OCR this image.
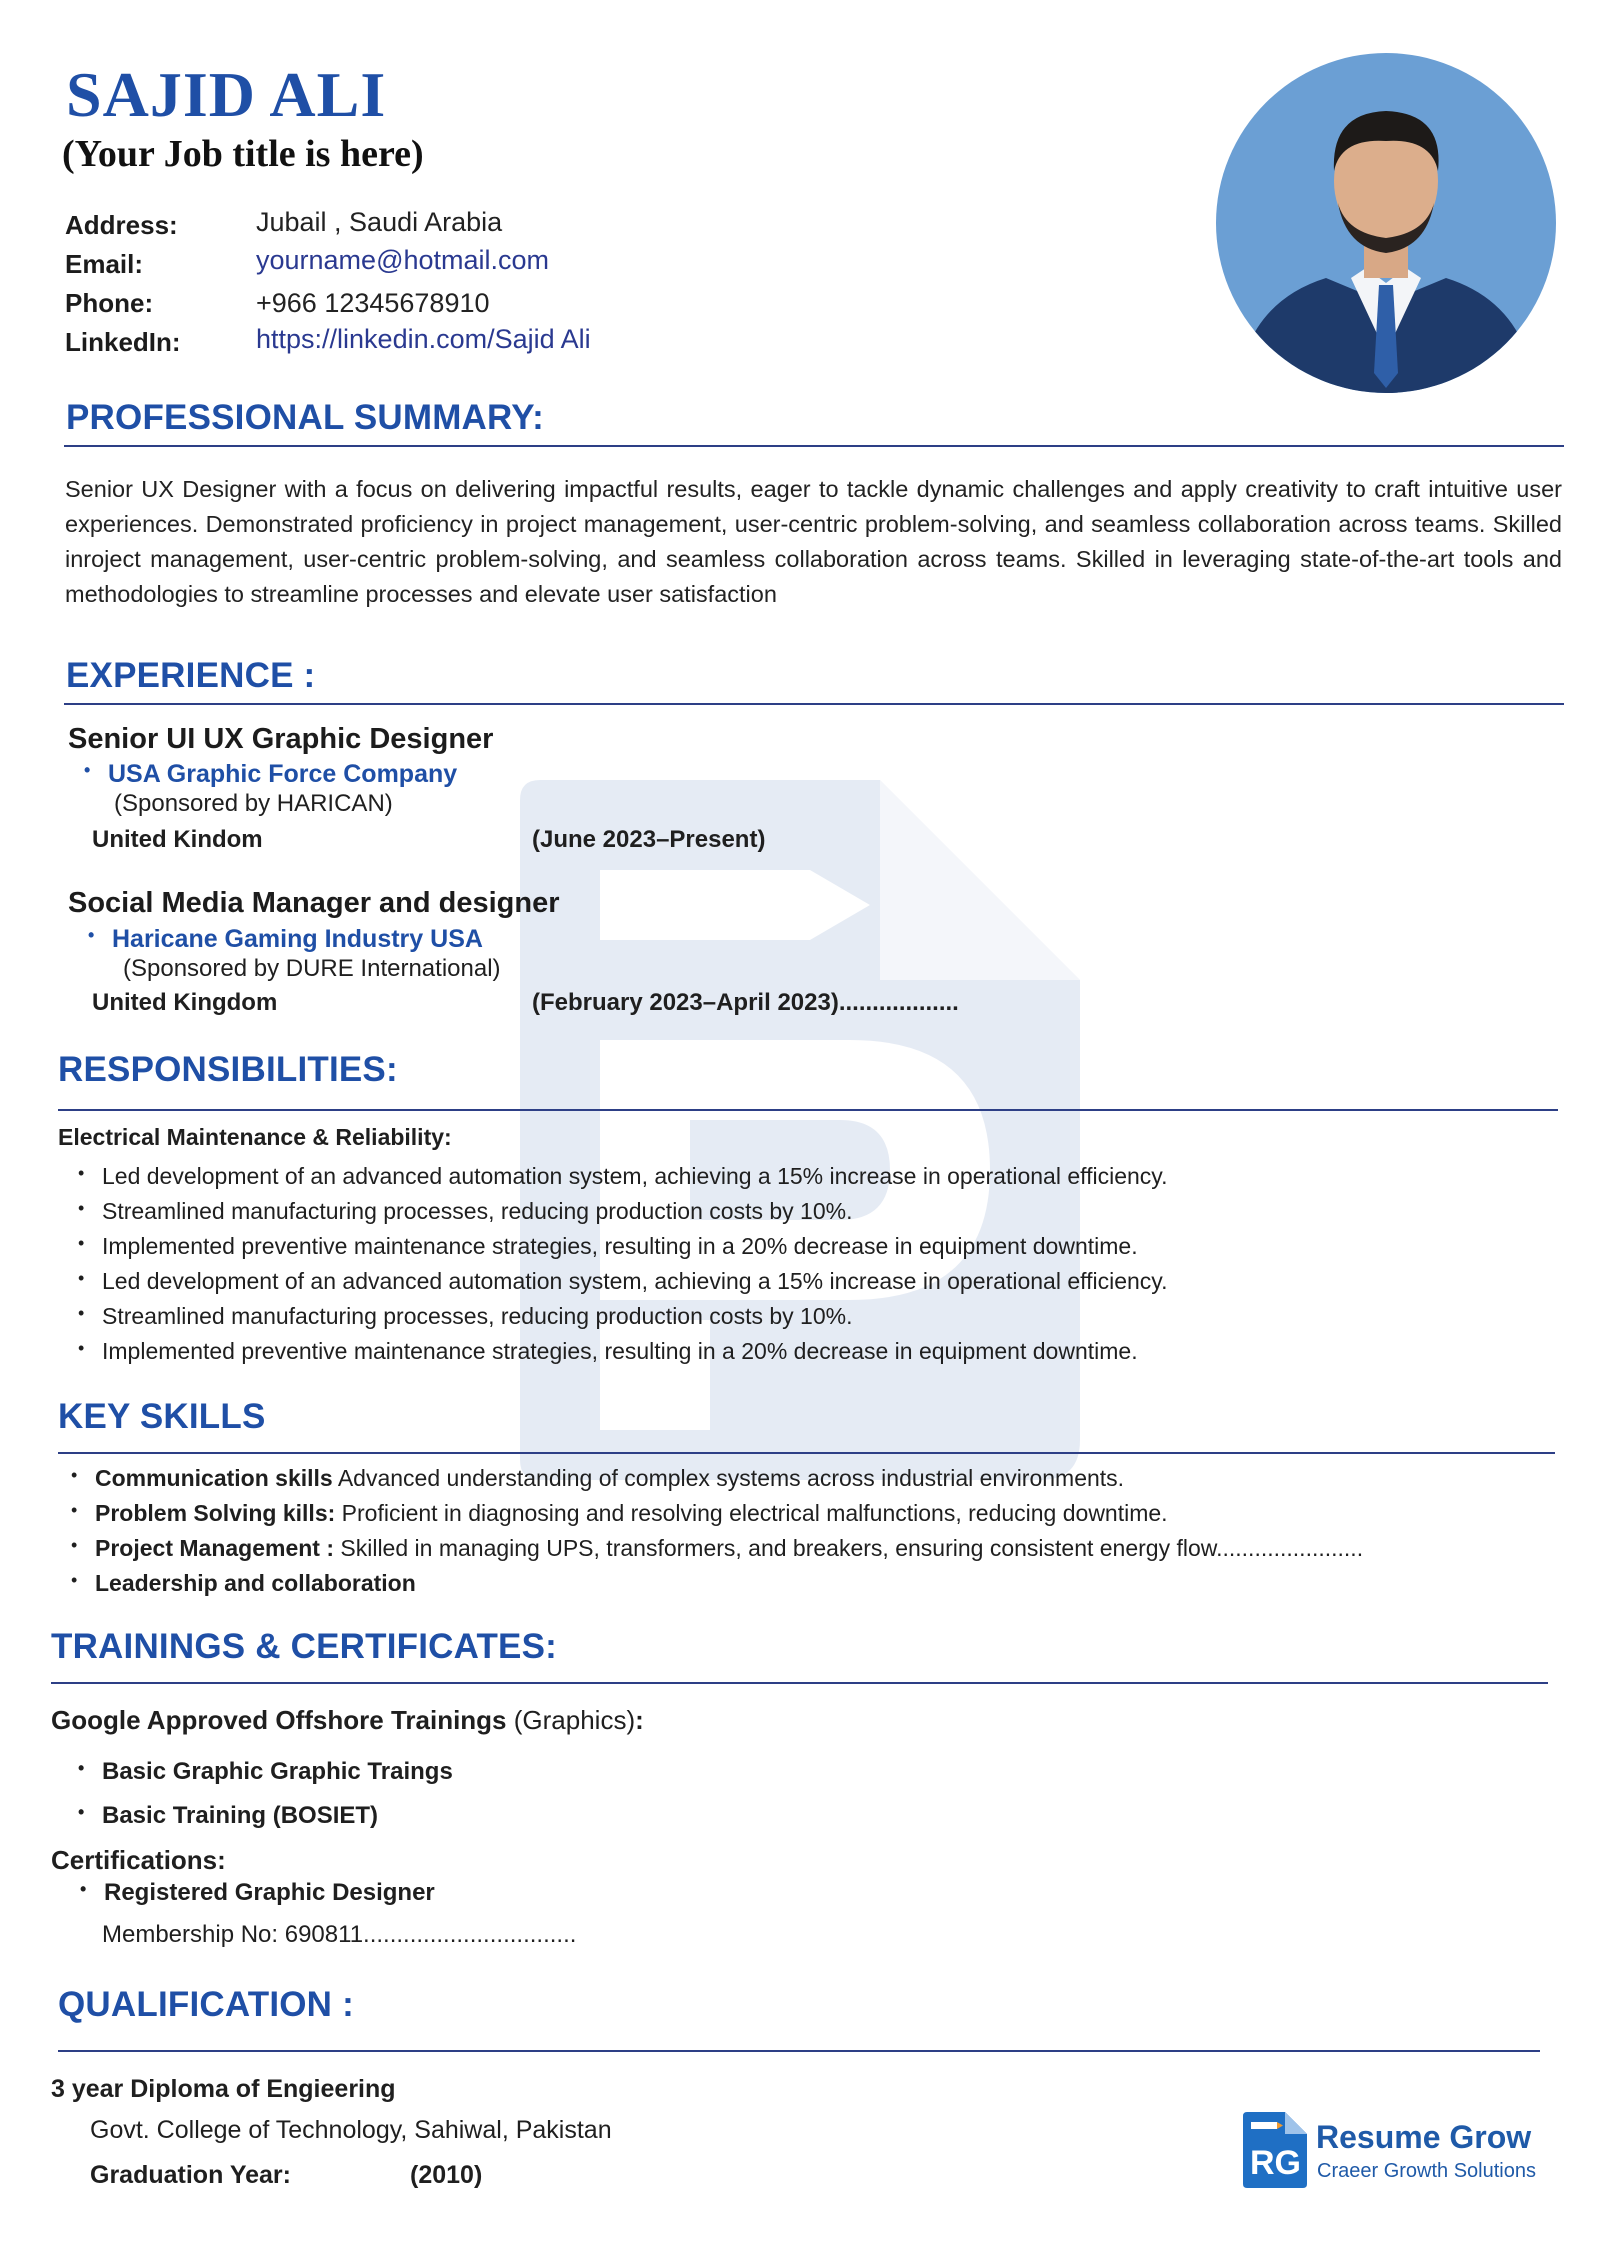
SAJID ALI
(Your Job title is here)
Address:	Jubail , Saudi Arabia
Email:	yourname@hotmail.com
Phone:	+966 12345678910
LinkedIn:	https://linkedin.com/Sajid Ali
PROFESSIONAL SUMMARY:
Senior UX Designer with a focus on delivering impactful results, eager to tackle dynamic challenges and apply creativity to craft intuitive user experiences. Demonstrated proficiency in project management, user-centric problem-solving, and seamless collaboration across teams. Skilled inroject management, user-centric problem-solving, and seamless collaboration across teams. Skilled in leveraging state-of-the-art tools and methodologies to streamline processes and elevate user satisfaction
EXPERIENCE :
Senior UI UX Graphic Designer
• USA Graphic Force Company
(Sponsored by HARICAN)
United Kindom	(June 2023–Present)
Social Media Manager and designer
• Haricane Gaming Industry USA
(Sponsored by DURE International)
United Kingdom	(February 2023–April 2023)..................
RESPONSIBILITIES:
Electrical Maintenance & Reliability:
• Led development of an advanced automation system, achieving a 15% increase in operational efficiency.
• Streamlined manufacturing processes, reducing production costs by 10%.
• Implemented preventive maintenance strategies, resulting in a 20% decrease in equipment downtime.
• Led development of an advanced automation system, achieving a 15% increase in operational efficiency.
• Streamlined manufacturing processes, reducing production costs by 10%.
• Implemented preventive maintenance strategies, resulting in a 20% decrease in equipment downtime.
KEY SKILLS
• Communication skills Advanced understanding of complex systems across industrial environments.
• Problem Solving kills: Proficient in diagnosing and resolving electrical malfunctions, reducing downtime.
• Project Management : Skilled in managing UPS, transformers, and breakers, ensuring consistent energy flow.......................
• Leadership and collaboration
TRAININGS & CERTIFICATES:
Google Approved Offshore Trainings (Graphics):
• Basic Graphic Graphic Traings
• Basic Training (BOSIET)
Certifications:
• Registered Graphic Designer
Membership No: 690811................................
QUALIFICATION :
3 year Diploma of Engieering
Govt. College of Technology, Sahiwal, Pakistan
Graduation Year:	(2010)	RG
Resume Grow
Craeer Growth Solutions
